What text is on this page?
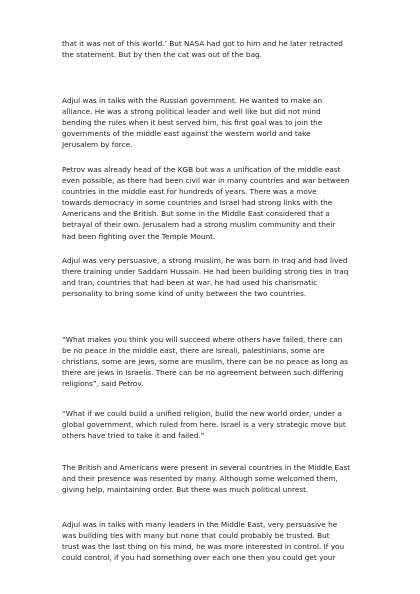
that it was not of this world.’ But NASA had got to him and he later retracted
the statement. But by then the cat was out of the bag.
Adjul was in talks with the Russian government. He wanted to make an
alliance. He was a strong political leader and well like but did not mind
bending the rules when it best served him, his first goal was to join the
governments of the middle east against the western world and take
Jerusalem by force.
Petrov was already head of the KGB but was a unification of the middle east
even possible, as there had been civil war in many countries and war between
countries in the middle east for hundreds of years. There was a move
towards democracy in some countries and Israel had strong links with the
Americans and the British. But some in the Middle East considered that a
betrayal of their own. Jerusalem had a strong muslim community and their
had been fighting over the Temple Mount.
Adjul was very persuasive, a strong muslim, he was born in Iraq and had lived
there training under Saddam Hussain. He had been building strong ties in Iraq
and Iran, countries that had been at war, he had used his charismatic
personality to bring some kind of unity between the two countries.
“What makes you think you will succeed where others have failed, there can
be no peace in the middle east, there are Isreali, palestinians, some are
christians, some are jews, some are muslim, there can be no peace as long as
there are jews in Israelis. There can be no agreement between such differing
religions”, said Petrov.
“What if we could build a unified religion, build the new world order, under a
global government, which ruled from here. Israel is a very strategic move but
others have tried to take it and failed.”
The British and Americans were present in several countries in the Middle East
and their presence was resented by many. Although some welcomed them,
giving help, maintaining order. But there was much political unrest.
Adjul was in talks with many leaders in the Middle East, very persuasive he
was building ties with many but none that could probably be trusted. But
trust was the last thing on his mind, he was more interested in control. If you
could control, if you had something over each one then you could get your
